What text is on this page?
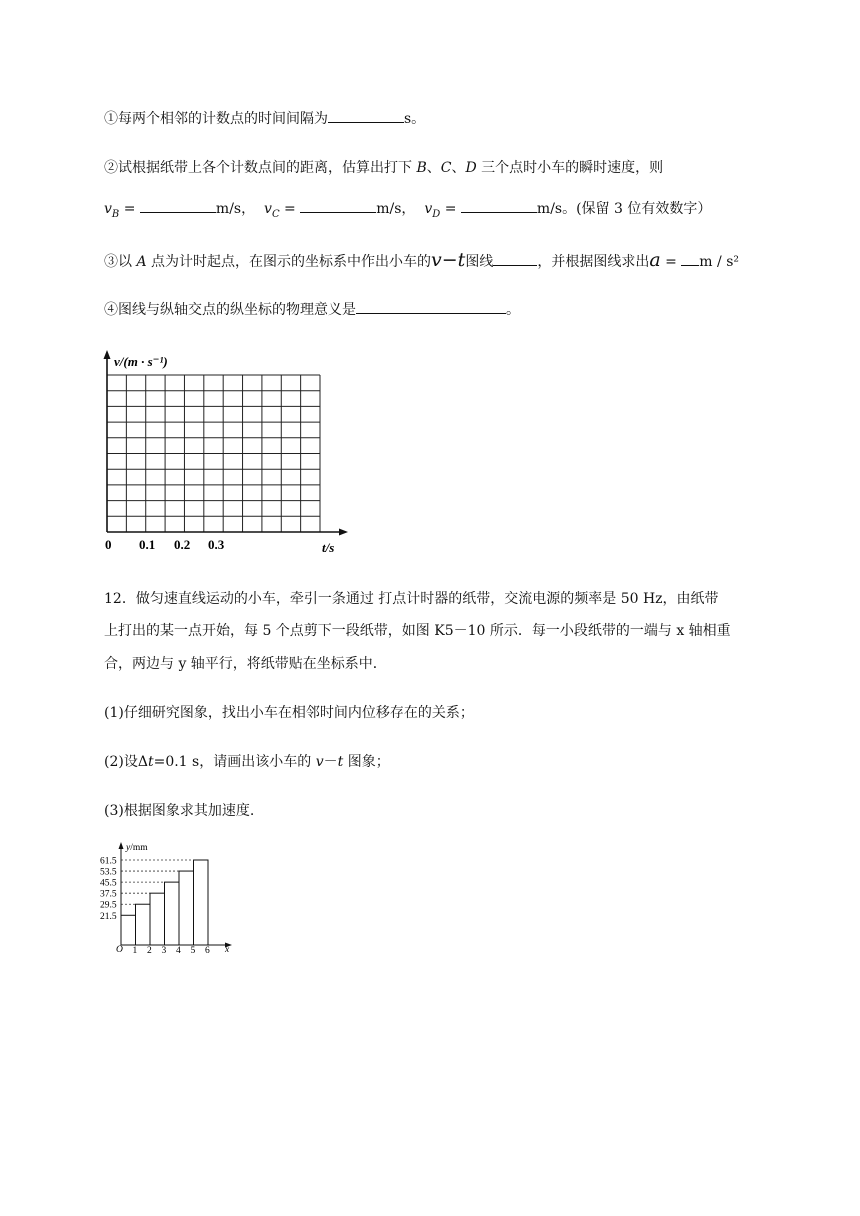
①每两个相邻的计数点的时间间隔为	s。
②试根据纸带上各个计数点间的距离，估算出打下 B、C、D 三个点时小车的瞬时速度，则
$v_B$ =	m/s， $v_C$ =	m/s， $v_D$ =	m/s。(保留 3 位有效数字）
③以 A 点为计时起点，在图示的坐标系中作出小车的v−t图线	，并根据图线求出a = m / s²
④图线与纵轴交点的纵坐标的物理意义是	。
v/(m · s⁻¹)
0 0.1 0.2 0.3	t/s
12．做匀速直线运动的小车，牵引一条通过 打点计时器的纸带，交流电源的频率是 50 Hz，由纸带
上打出的某一点开始，每 5 个点剪下一段纸带，如图 K5－10 所示．每一小段纸带的一端与 x 轴相重
合，两边与 y 轴平行，将纸带贴在坐标系中．
(1)仔细研究图象，找出小车在相邻时间内位移存在的关系；
(2)设Δt=0.1 s，请画出该小车的 v－t 图象；
(3)根据图象求其加速度.
21.5
1
29.5
2
37.5
3
45.5
4
53.5
5
61.5
6
y/mm
O	x
